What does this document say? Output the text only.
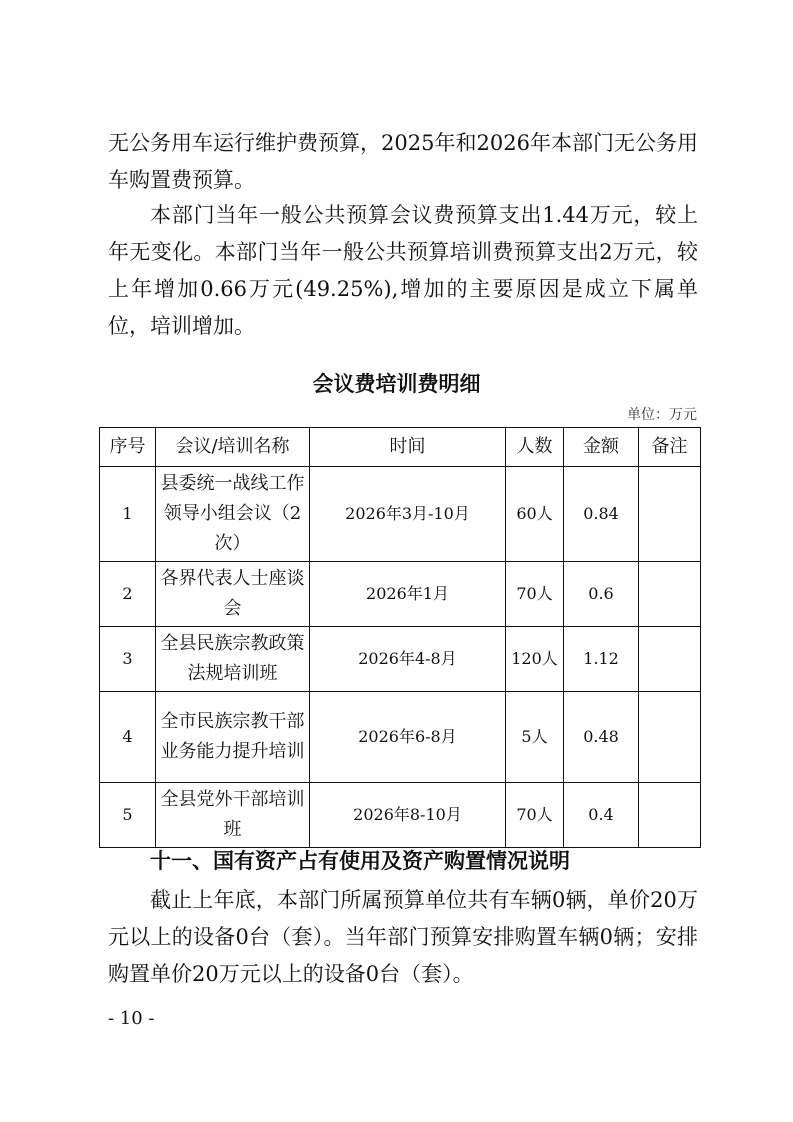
无公务用车运行维护费预算，2025年和2026年本部门无公务用车购置费预算。

本部门当年一般公共预算会议费预算支出1.44万元，较上年无变化。本部门当年一般公共预算培训费预算支出2万元，较上年增加0.66万元(49.25%),增加的主要原因是成立下属单位，培训增加。

会议费培训费明细
单位：万元
序号	会议/培训名称	时间	人数	金额	备注
1	县委统一战线工作领导小组会议（2次）	2026年3月-10月	60人	0.84	
2	各界代表人士座谈会	2026年1月	70人	0.6	
3	全县民族宗教政策法规培训班	2026年4-8月	120人	1.12	
4	全市民族宗教干部业务能力提升培训	2026年6-8月	5人	0.48	
5	全县党外干部培训班	2026年8-10月	70人	0.4	
十一、国有资产占有使用及资产购置情况说明

截止上年底，本部门所属预算单位共有车辆0辆，单价20万元以上的设备0台（套）。当年部门预算安排购置车辆0辆；安排购置单价20万元以上的设备0台（套）。

- 10 -
